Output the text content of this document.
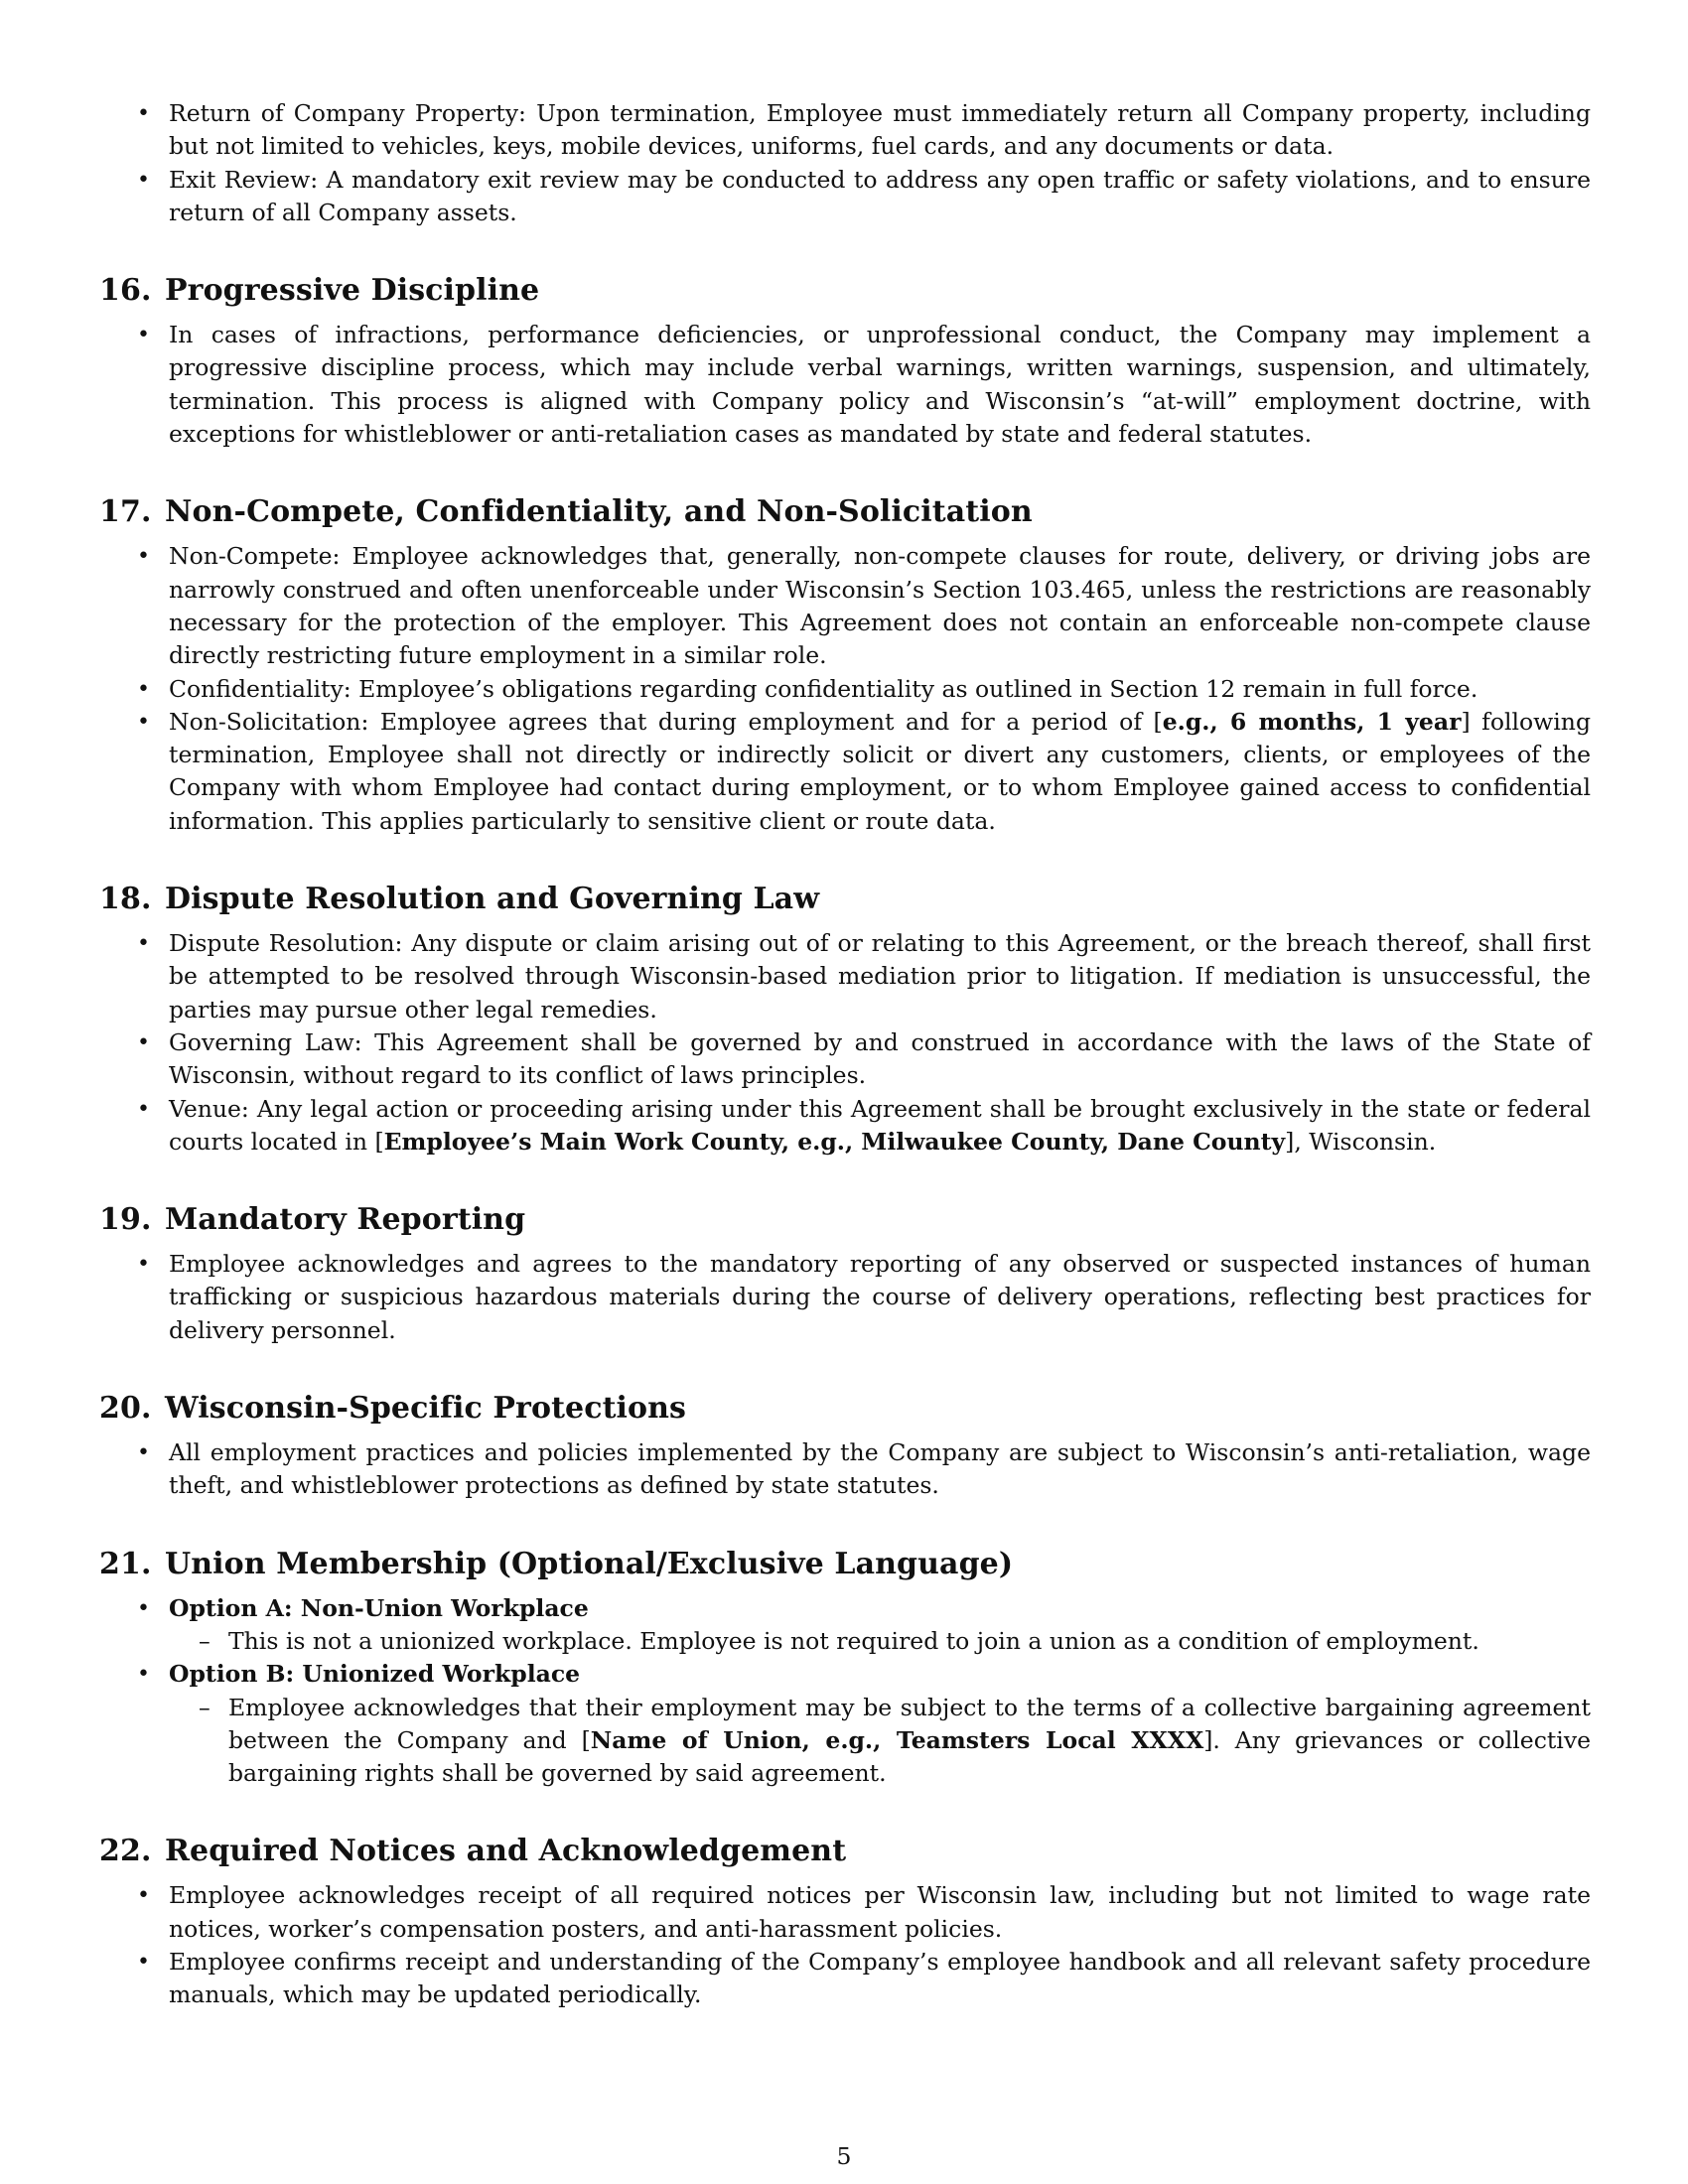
• Return of Company Property: Upon termination, Employee must immediately return all Company property, including but not limited to vehicles, keys, mobile devices, uniforms, fuel cards, and any documents or data.
• Exit Review: A mandatory exit review may be conducted to address any open traffic or safety violations, and to ensure return of all Company assets.
16. Progressive Discipline
• In cases of infractions, performance deficiencies, or unprofessional conduct, the Company may implement a progressive discipline process, which may include verbal warnings, written warnings, suspension, and ultimately, termination. This process is aligned with Company policy and Wisconsin’s “at-will” employment doctrine, with exceptions for whistleblower or anti-retaliation cases as mandated by state and federal statutes.
17. Non-Compete, Confidentiality, and Non-Solicitation
• Non-Compete: Employee acknowledges that, generally, non-compete clauses for route, delivery, or driving jobs are narrowly construed and often unenforceable under Wisconsin’s Section 103.465, unless the restrictions are reasonably necessary for the protection of the employer. This Agreement does not contain an enforceable non-compete clause directly restricting future employment in a similar role.
• Confidentiality: Employee’s obligations regarding confidentiality as outlined in Section 12 remain in full force.
• Non-Solicitation: Employee agrees that during employment and for a period of [e.g., 6 months, 1 year] following termination, Employee shall not directly or indirectly solicit or divert any customers, clients, or employees of the Company with whom Employee had contact during employment, or to whom Employee gained access to confidential information. This applies particularly to sensitive client or route data.
18. Dispute Resolution and Governing Law
• Dispute Resolution: Any dispute or claim arising out of or relating to this Agreement, or the breach thereof, shall first be attempted to be resolved through Wisconsin-based mediation prior to litigation. If mediation is unsuccessful, the parties may pursue other legal remedies.
• Governing Law: This Agreement shall be governed by and construed in accordance with the laws of the State of Wisconsin, without regard to its conflict of laws principles.
• Venue: Any legal action or proceeding arising under this Agreement shall be brought exclusively in the state or federal courts located in [Employee’s Main Work County, e.g., Milwaukee County, Dane County], Wisconsin.
19. Mandatory Reporting
• Employee acknowledges and agrees to the mandatory reporting of any observed or suspected instances of human trafficking or suspicious hazardous materials during the course of delivery operations, reflecting best practices for delivery personnel.
20. Wisconsin-Specific Protections
• All employment practices and policies implemented by the Company are subject to Wisconsin’s anti-retaliation, wage theft, and whistleblower protections as defined by state statutes.
21. Union Membership (Optional/Exclusive Language)
• Option A: Non-Union Workplace
– This is not a unionized workplace. Employee is not required to join a union as a condition of employment.
• Option B: Unionized Workplace
– Employee acknowledges that their employment may be subject to the terms of a collective bargaining agreement between the Company and [Name of Union, e.g., Teamsters Local XXXX]. Any grievances or collective bargaining rights shall be governed by said agreement.
22. Required Notices and Acknowledgement
• Employee acknowledges receipt of all required notices per Wisconsin law, including but not limited to wage rate notices, worker’s compensation posters, and anti-harassment policies.
• Employee confirms receipt and understanding of the Company’s employee handbook and all relevant safety procedure manuals, which may be updated periodically.
5
